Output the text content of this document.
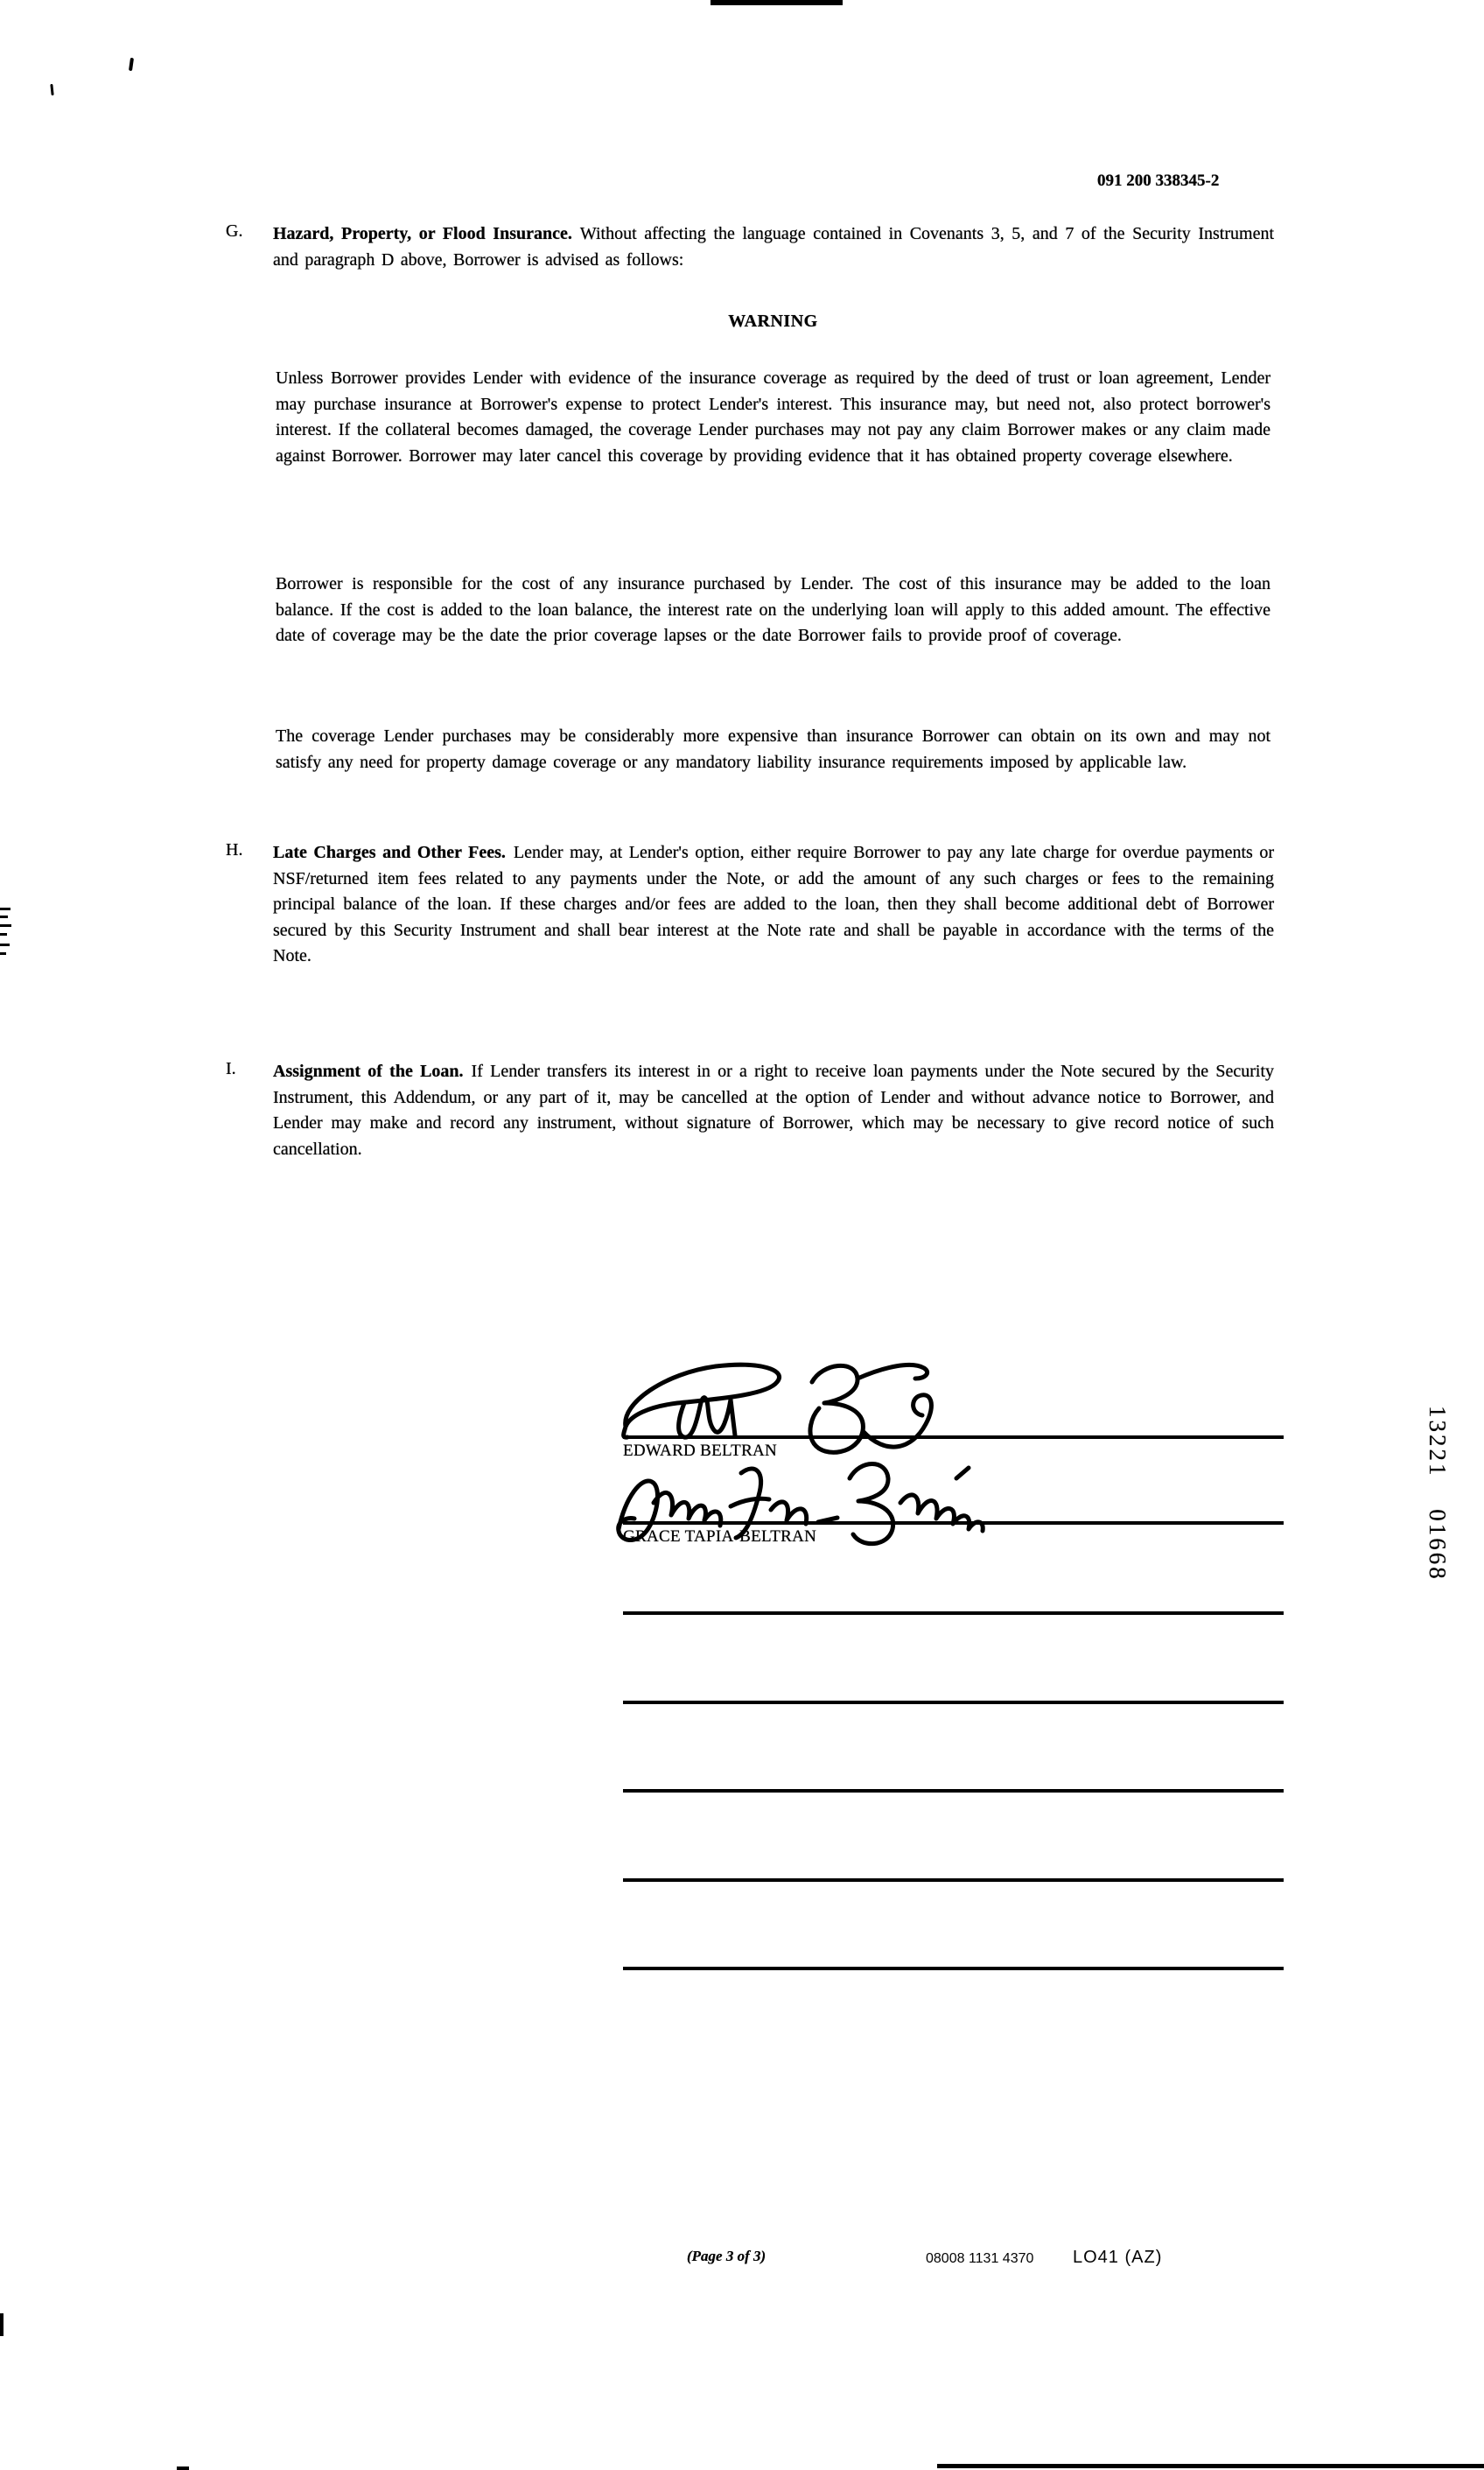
091 200 338345-2
G. Hazard, Property, or Flood Insurance. Without affecting the language contained in Covenants 3, 5, and 7 of the Security Instrument and paragraph D above, Borrower is advised as follows:
WARNING
Unless Borrower provides Lender with evidence of the insurance coverage as required by the deed of trust or loan agreement, Lender may purchase insurance at Borrower's expense to protect Lender's interest. This insurance may, but need not, also protect borrower's interest. If the collateral becomes damaged, the coverage Lender purchases may not pay any claim Borrower makes or any claim made against Borrower. Borrower may later cancel this coverage by providing evidence that it has obtained property coverage elsewhere.
Borrower is responsible for the cost of any insurance purchased by Lender. The cost of this insurance may be added to the loan balance. If the cost is added to the loan balance, the interest rate on the underlying loan will apply to this added amount. The effective date of coverage may be the date the prior coverage lapses or the date Borrower fails to provide proof of coverage.
The coverage Lender purchases may be considerably more expensive than insurance Borrower can obtain on its own and may not satisfy any need for property damage coverage or any mandatory liability insurance requirements imposed by applicable law.
H. Late Charges and Other Fees. Lender may, at Lender's option, either require Borrower to pay any late charge for overdue payments or NSF/returned item fees related to any payments under the Note, or add the amount of any such charges or fees to the remaining principal balance of the loan. If these charges and/or fees are added to the loan, then they shall become additional debt of Borrower secured by this Security Instrument and shall bear interest at the Note rate and shall be payable in accordance with the terms of the Note.
I. Assignment of the Loan. If Lender transfers its interest in or a right to receive loan payments under the Note secured by the Security Instrument, this Addendum, or any part of it, may be cancelled at the option of Lender and without advance notice to Borrower, and Lender may make and record any instrument, without signature of Borrower, which may be necessary to give record notice of such cancellation.
EDWARD BELTRAN
GRACE TAPIA-BELTRAN	13221 01668
(Page 3 of 3)	08008 1131 4370 LO41 (AZ)
